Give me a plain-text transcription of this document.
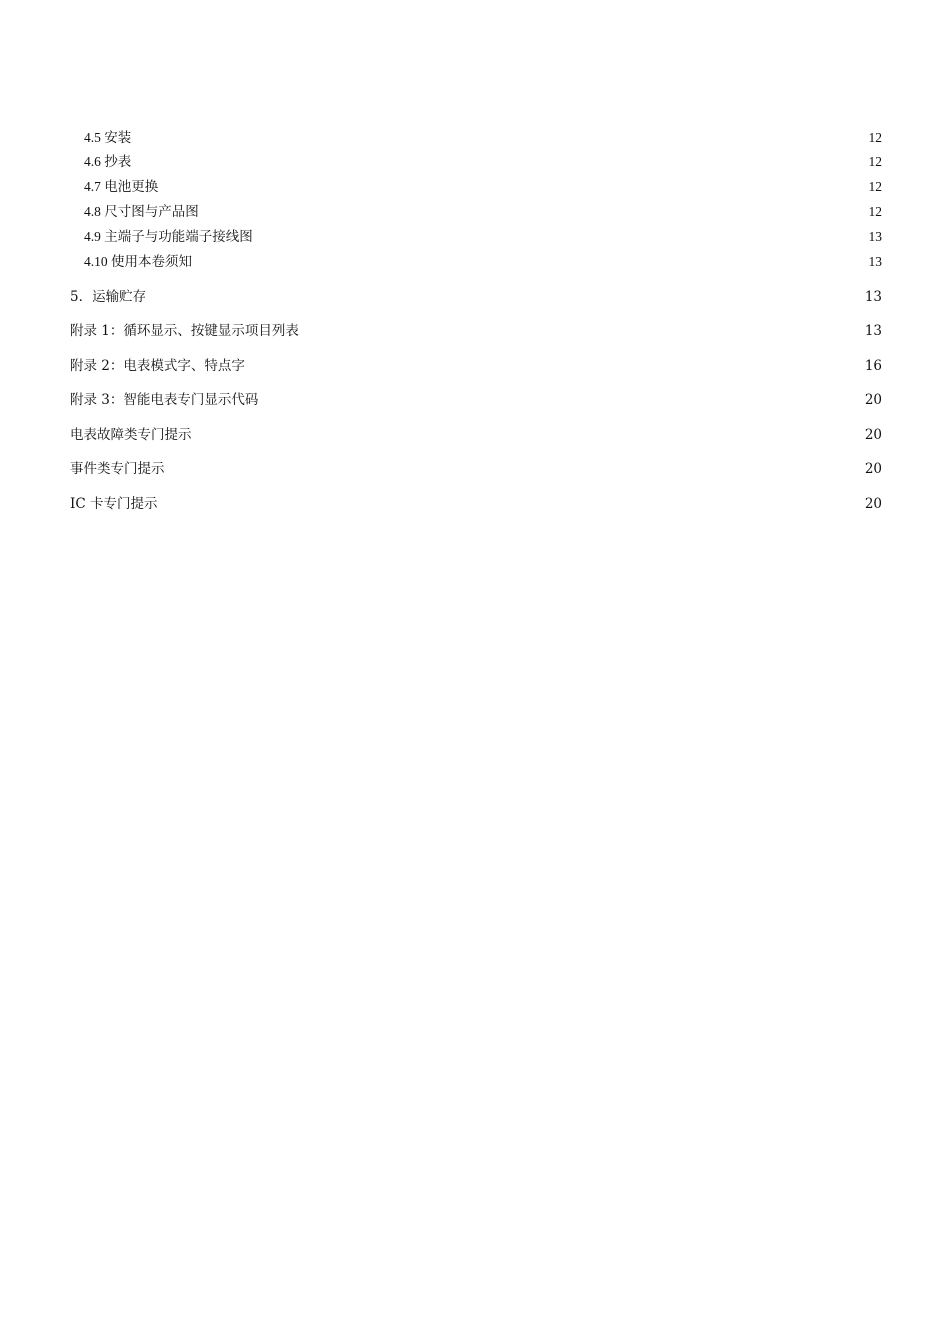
4.5 安装	12
4.6 抄表	12
4.7 电池更换	12
4.8 尺寸图与产品图	12
4.9 主端子与功能端子接线图	13
4.10 使用本卷须知	13
5．运输贮存	13
附录 1：循环显示、按键显示项目列表	13
附录 2：电表模式字、特点字	16
附录 3：智能电表专门显示代码	20
电表故障类专门提示	20
事件类专门提示	20
IC 卡专门提示	20
